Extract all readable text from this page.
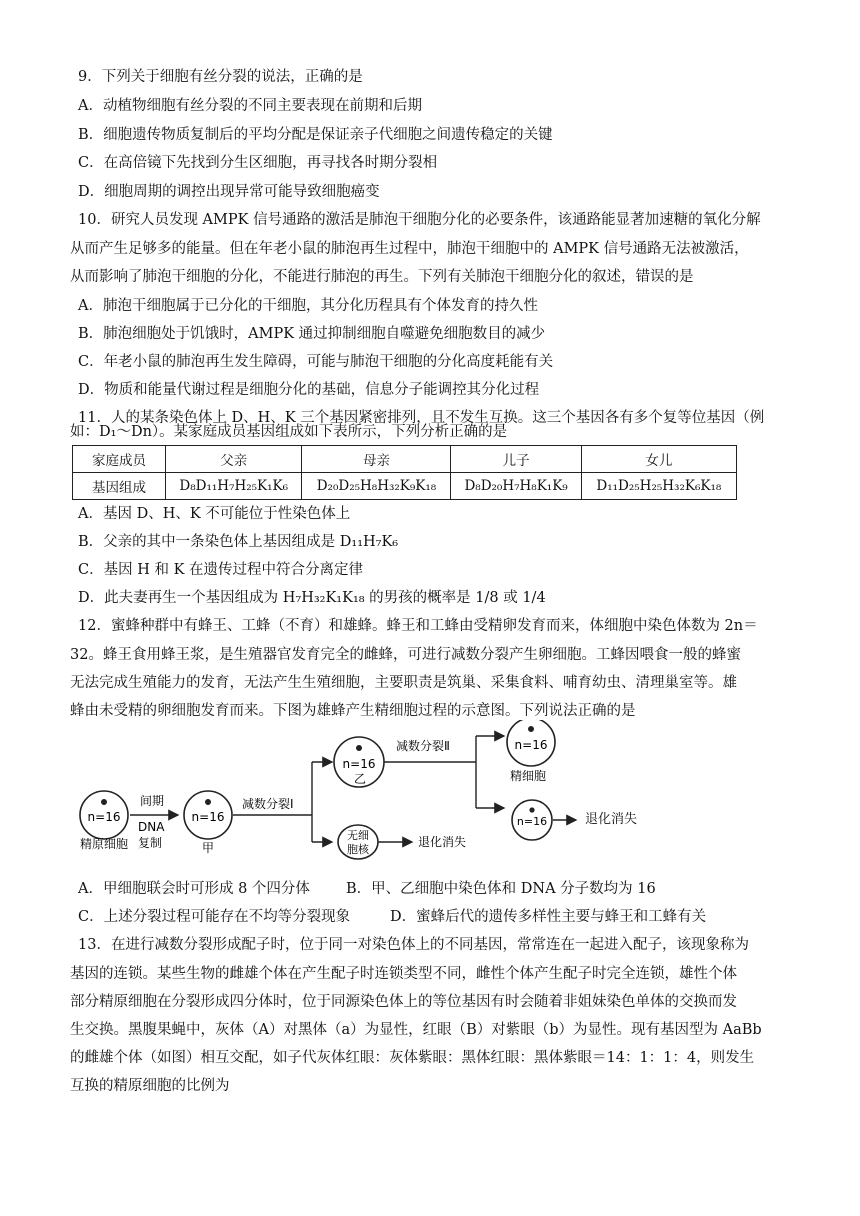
9．下列关于细胞有丝分裂的说法，正确的是
A．动植物细胞有丝分裂的不同主要表现在前期和后期
B．细胞遗传物质复制后的平均分配是保证亲子代细胞之间遗传稳定的关键
C．在高倍镜下先找到分生区细胞，再寻找各时期分裂相
D．细胞周期的调控出现异常可能导致细胞癌变
10．研究人员发现 AMPK 信号通路的激活是肺泡干细胞分化的必要条件，该通路能显著加速糖的氧化分解
从而产生足够多的能量。但在年老小鼠的肺泡再生过程中，肺泡干细胞中的 AMPK 信号通路无法被激活，
从而影响了肺泡干细胞的分化，不能进行肺泡的再生。下列有关肺泡干细胞分化的叙述，错误的是
A．肺泡干细胞属于已分化的干细胞，其分化历程具有个体发育的持久性
B．肺泡细胞处于饥饿时，AMPK 通过抑制细胞自噬避免细胞数目的减少
C．年老小鼠的肺泡再生发生障碍，可能与肺泡干细胞的分化高度耗能有关
D．物质和能量代谢过程是细胞分化的基础，信息分子能调控其分化过程
11．人的某条染色体上 D、H、K 三个基因紧密排列，且不发生互换。这三个基因各有多个复等位基因（例
如：D₁～Dn）。某家庭成员基因组成如下表所示，下列分析正确的是
家庭成员	父亲	母亲	儿子	女儿
基因组成	D₈D₁₁H₇H₂₅K₁K₆	D₂₀D₂₅H₈H₃₂K₉K₁₈	D₈D₂₀H₇H₈K₁K₉	D₁₁D₂₅H₂₅H₃₂K₆K₁₈
A．基因 D、H、K 不可能位于性染色体上
B．父亲的其中一条染色体上基因组成是 D₁₁H₇K₆
C．基因 H 和 K 在遗传过程中符合分离定律
D．此夫妻再生一个基因组成为 H₇H₃₂K₁K₁₈ 的男孩的概率是 1/8 或 1/4
12．蜜蜂种群中有蜂王、工蜂（不育）和雄蜂。蜂王和工蜂由受精卵发育而来，体细胞中染色体数为 2n＝
32。蜂王食用蜂王浆，是生殖器官发育完全的雌蜂，可进行减数分裂产生卵细胞。工蜂因喂食一般的蜂蜜
无法完成生殖能力的发育，无法产生生殖细胞，主要职责是筑巢、采集食料、哺育幼虫、清理巢室等。雄
蜂由未受精的卵细胞发育而来。下图为雄蜂产生精细胞过程的示意图。下列说法正确的是
n=16
精原细胞
间期
DNA
复制
n=16
甲
减数分裂Ⅰ
n=16
乙
无细
胞核
退化消失
减数分裂Ⅱ	n=16
精细胞
n=16	退化消失
A．甲细胞联会时可形成 8 个四分体 B．甲、乙细胞中染色体和 DNA 分子数均为 16
C．上述分裂过程可能存在不均等分裂现象	D．蜜蜂后代的遗传多样性主要与蜂王和工蜂有关
13．在进行减数分裂形成配子时，位于同一对染色体上的不同基因，常常连在一起进入配子，该现象称为
基因的连锁。某些生物的雌雄个体在产生配子时连锁类型不同，雌性个体产生配子时完全连锁，雄性个体
部分精原细胞在分裂形成四分体时，位于同源染色体上的等位基因有时会随着非姐妹染色单体的交换而发
生交换。黑腹果蝇中，灰体（A）对黑体（a）为显性，红眼（B）对紫眼（b）为显性。现有基因型为 AaBb
的雌雄个体（如图）相互交配，如子代灰体红眼：灰体紫眼：黑体红眼：黑体紫眼＝14：1：1：4，则发生
互换的精原细胞的比例为
